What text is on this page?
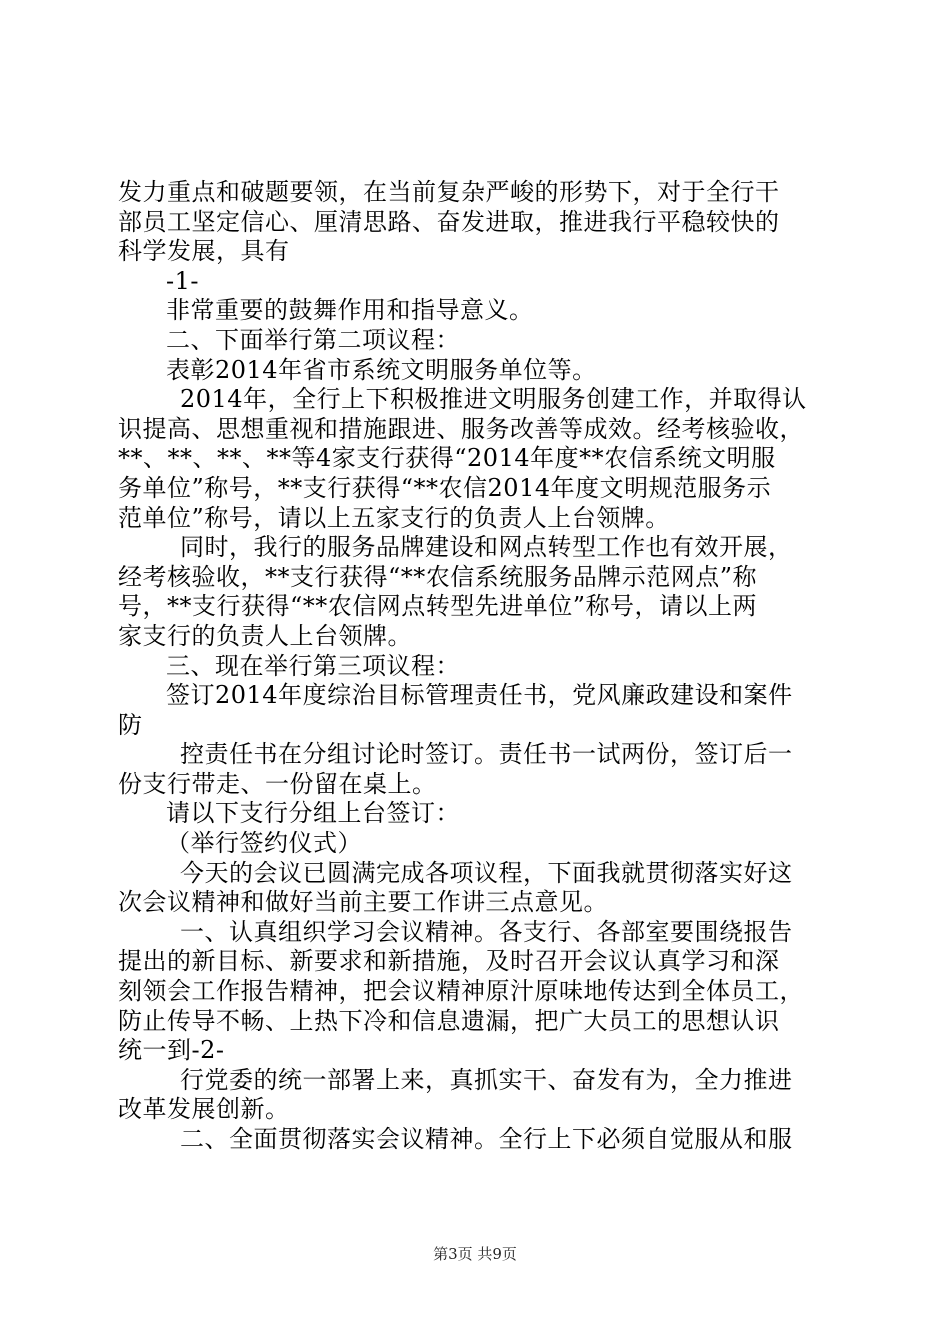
发力重点和破题要领，在当前复杂严峻的形势下，对于全行干
部员工坚定信心、厘清思路、奋发进取，推进我行平稳较快的
科学发展，具有
-1-
非常重要的鼓舞作用和指导意义。
二、下面举行第二项议程：
表彰2014年省市系统文明服务单位等。
2014年，全行上下积极推进文明服务创建工作，并取得认
识提高、思想重视和措施跟进、服务改善等成效。经考核验收，
**、**、**、**等4家支行获得“2014年度**农信系统文明服
务单位”称号，**支行获得“**农信2014年度文明规范服务示
范单位”称号，请以上五家支行的负责人上台领牌。
同时，我行的服务品牌建设和网点转型工作也有效开展，
经考核验收，**支行获得“**农信系统服务品牌示范网点”称
号，**支行获得“**农信网点转型先进单位”称号，请以上两
家支行的负责人上台领牌。
三、现在举行第三项议程：
签订2014年度综治目标管理责任书，党风廉政建设和案件
防
控责任书在分组讨论时签订。责任书一试两份，签订后一
份支行带走、一份留在桌上。
请以下支行分组上台签订：
（举行签约仪式）
今天的会议已圆满完成各项议程，下面我就贯彻落实好这
次会议精神和做好当前主要工作讲三点意见。
一、认真组织学习会议精神。各支行、各部室要围绕报告
提出的新目标、新要求和新措施，及时召开会议认真学习和深
刻领会工作报告精神，把会议精神原汁原味地传达到全体员工，
防止传导不畅、上热下冷和信息遗漏，把广大员工的思想认识
统一到-2-
行党委的统一部署上来，真抓实干、奋发有为，全力推进
改革发展创新。
二、全面贯彻落实会议精神。全行上下必须自觉服从和服
第3页 共9页
